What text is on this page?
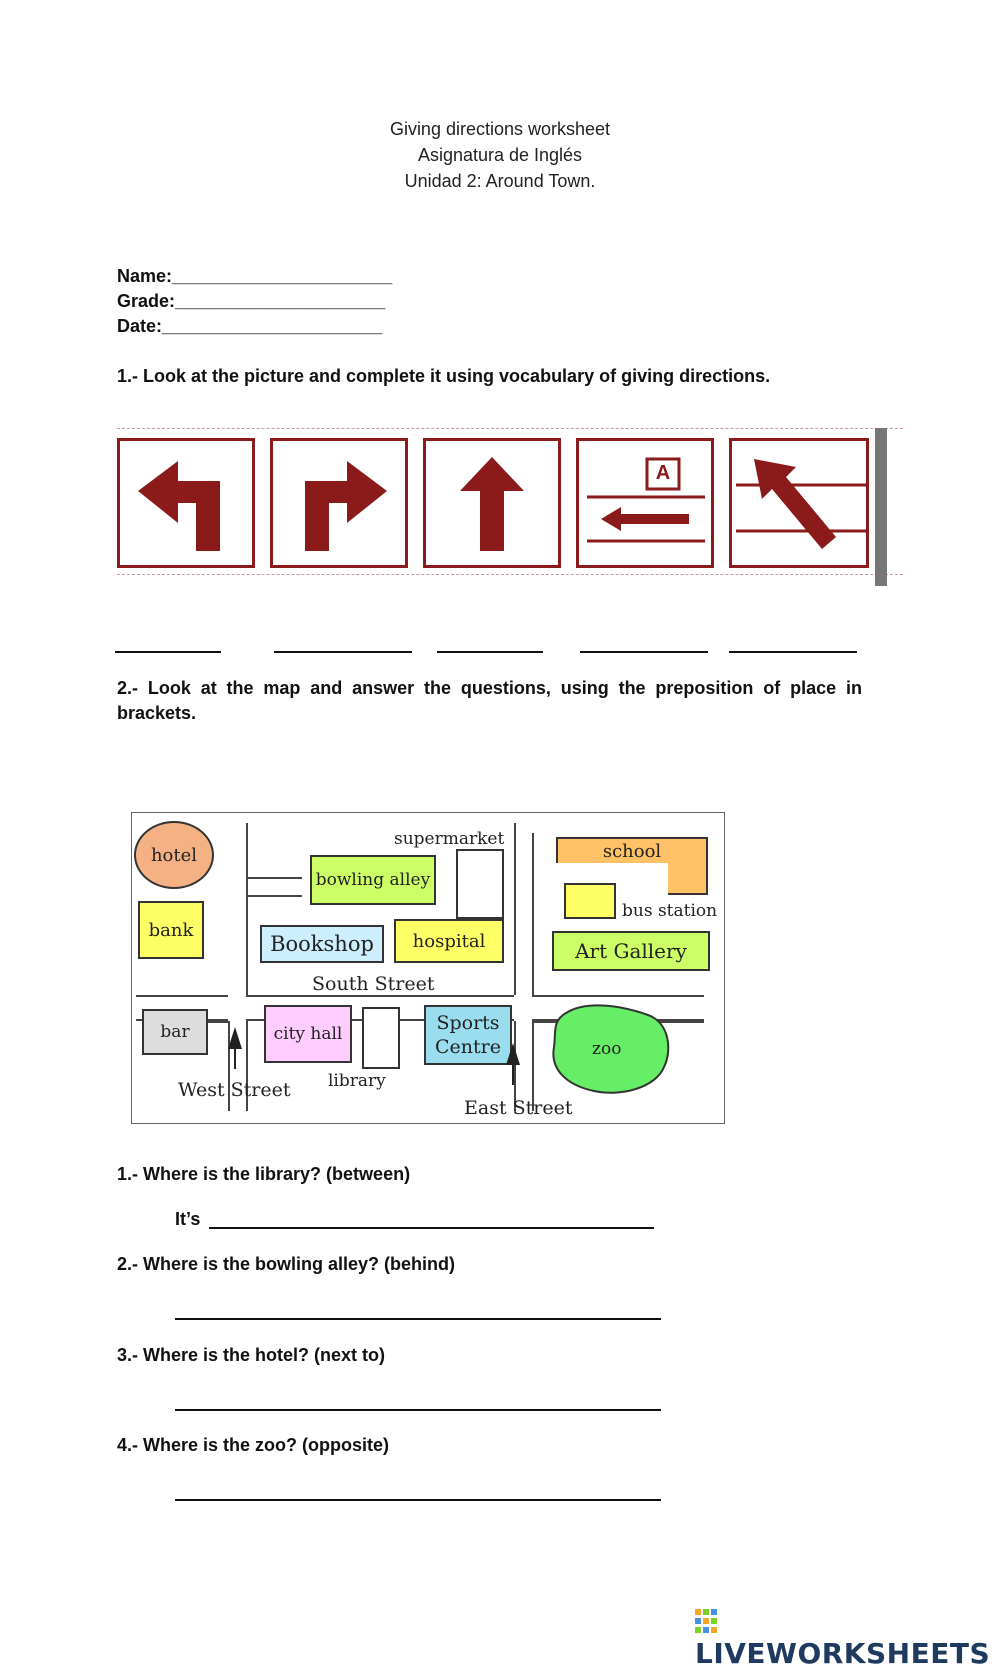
Giving directions worksheet
Asignatura de Inglés
Unidad 2: Around Town.
Name:______________________
Grade:_____________________
Date:______________________
1.- Look at the picture and complete it using vocabulary of giving directions.
A
2.- Look at the map and answer the questions, using the preposition of place in
brackets.
hotel
bank
supermarket
bowling alley
Bookshop	hospital
school
bus station
Art Gallery
bar	city hall
library
Sports
Centre	zoo
South Street
West Street
East Street
1.- Where is the library? (between)
It’s
2.- Where is the bowling alley? (behind)
3.- Where is the hotel? (next to)
4.- Where is the zoo? (opposite)
LIVEWORKSHEETS
